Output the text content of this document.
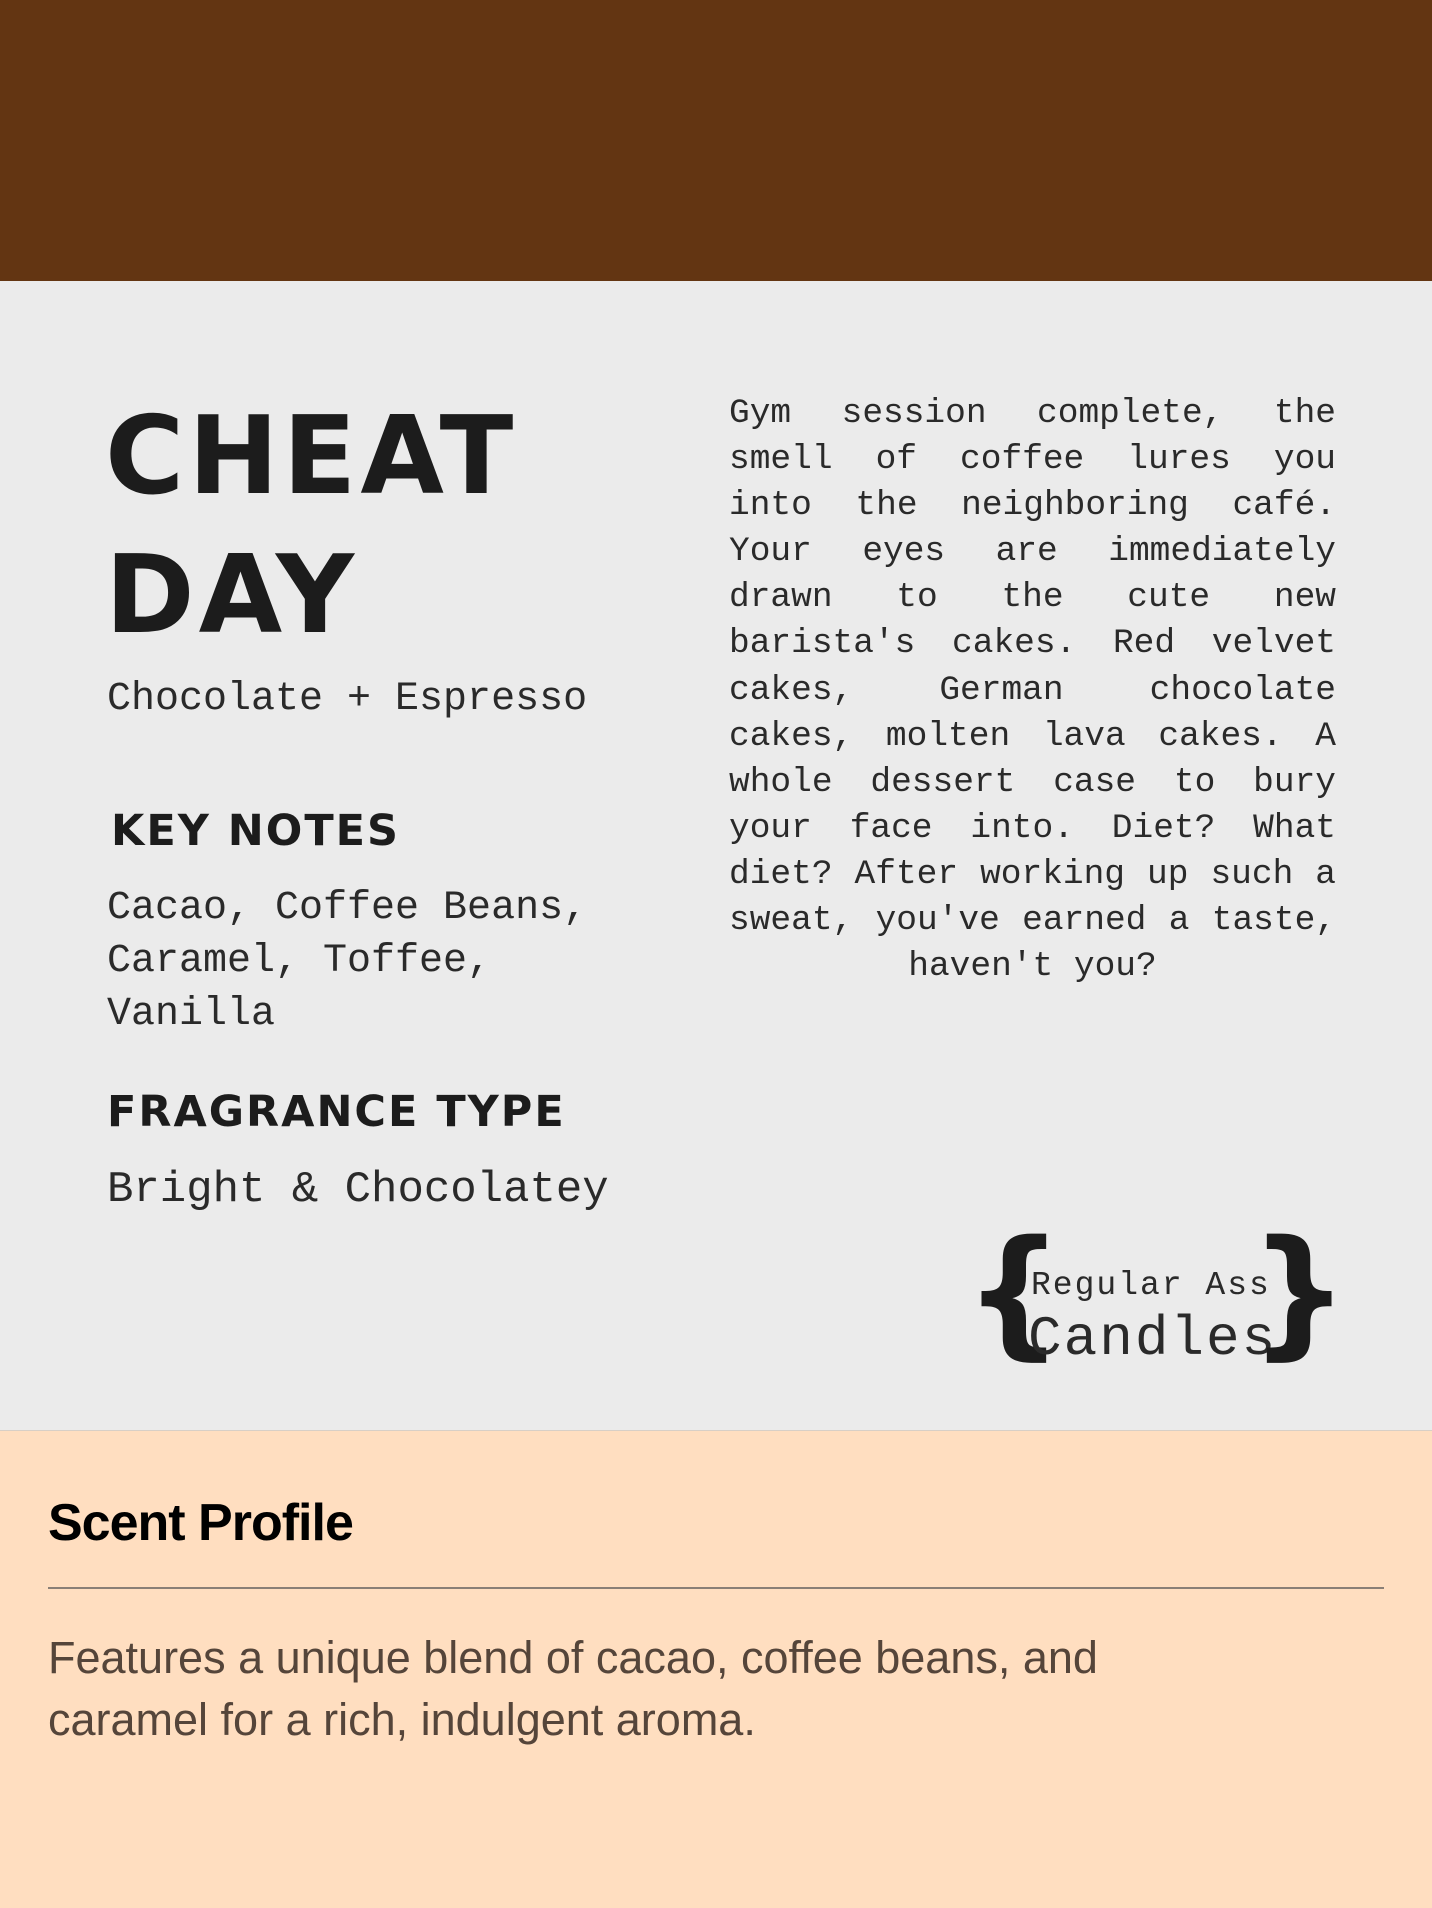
CHEAT
DAY
Chocolate + Espresso
KEY NOTES
Cacao, Coffee Beans, Caramel, Toffee, Vanilla
FRAGRANCE TYPE
Bright & Chocolatey

Gym session complete, the smell of coffee lures you into the neighboring café. Your eyes are immediately drawn to the cute new barista's cakes. Red velvet cakes, German chocolate cakes, molten lava cakes. A whole dessert case to bury your face into. Diet? What diet? After working up such a sweat, you've earned a taste, haven't you?

{
Regular Ass
Candles
}
Scent Profile

Features a unique blend of cacao, coffee beans, and caramel for a rich, indulgent aroma.
